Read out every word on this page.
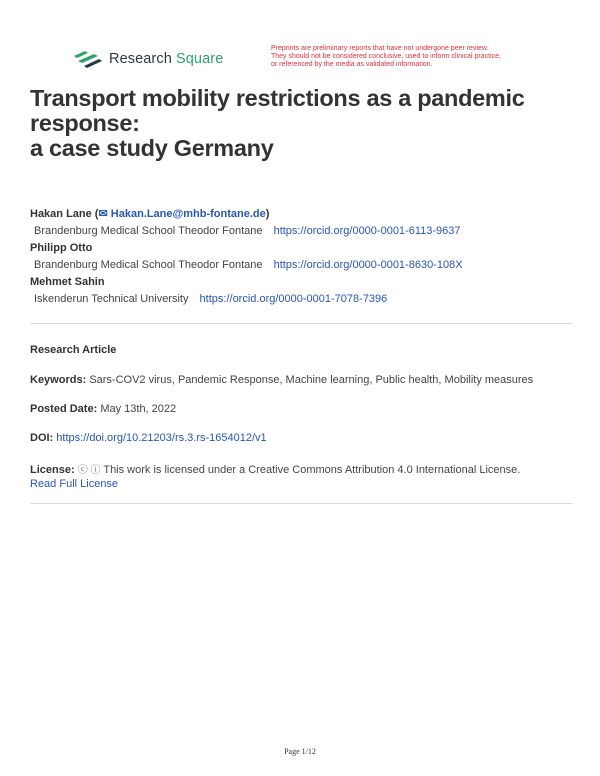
Research Square
Preprints are preliminary reports that have not undergone peer review.
They should not be considered conclusive, used to inform clinical practice,
or referenced by the media as validated information.
Transport mobility restrictions as a pandemic
response:
a case study Germany
Hakan Lane (✉ Hakan.Lane@mhb-fontane.de)
Brandenburg Medical School Theodor Fontane https://orcid.org/0000-0001-6113-9637
Philipp Otto
Brandenburg Medical School Theodor Fontane https://orcid.org/0000-0001-8630-108X
Mehmet Sahin
Iskenderun Technical University https://orcid.org/0000-0001-7078-7396
Research Article
Keywords: Sars-COV2 virus, Pandemic Response, Machine learning, Public health, Mobility measures
Posted Date: May 13th, 2022
DOI: https://doi.org/10.21203/rs.3.rs-1654012/v1
License: ⓒ ⓘ This work is licensed under a Creative Commons Attribution 4.0 International License.
Read Full License
Page 1/12
